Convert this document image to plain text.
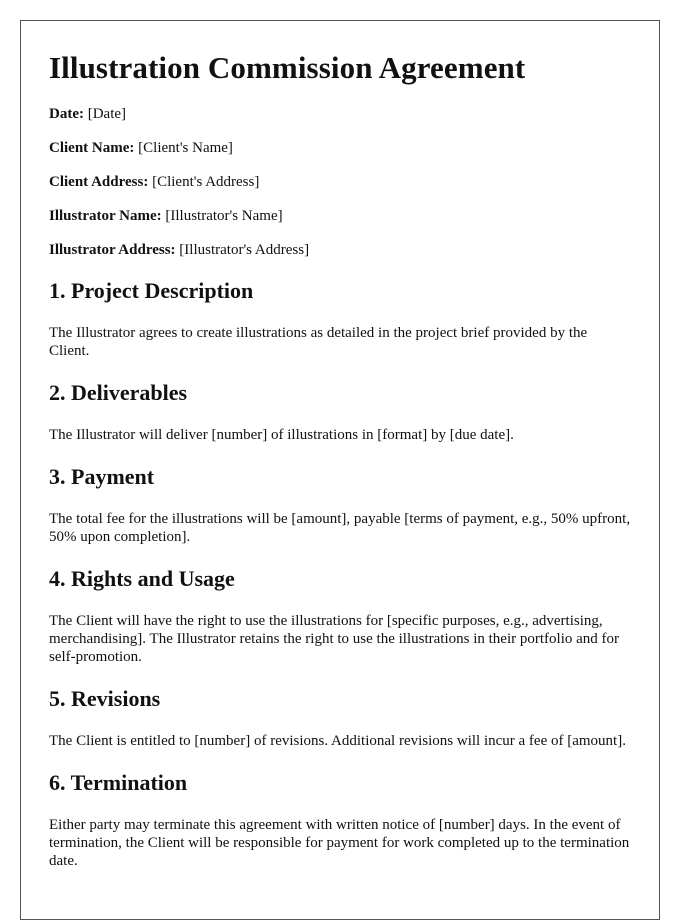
Illustration Commission Agreement
Date: [Date]
Client Name: [Client's Name]
Client Address: [Client's Address]
Illustrator Name: [Illustrator's Name]
Illustrator Address: [Illustrator's Address]
1. Project Description

The Illustrator agrees to create illustrations as detailed in the project brief provided by the Client.

2. Deliverables

The Illustrator will deliver [number] of illustrations in [format] by [due date].

3. Payment

The total fee for the illustrations will be [amount], payable [terms of payment, e.g., 50% upfront, 50% upon completion].

4. Rights and Usage

The Client will have the right to use the illustrations for [specific purposes, e.g., advertising, merchandising]. The Illustrator retains the right to use the illustrations in their portfolio and for self-promotion.

5. Revisions

The Client is entitled to [number] of revisions. Additional revisions will incur a fee of [amount].

6. Termination

Either party may terminate this agreement with written notice of [number] days. In the event of termination, the Client will be responsible for payment for work completed up to the termination date.
